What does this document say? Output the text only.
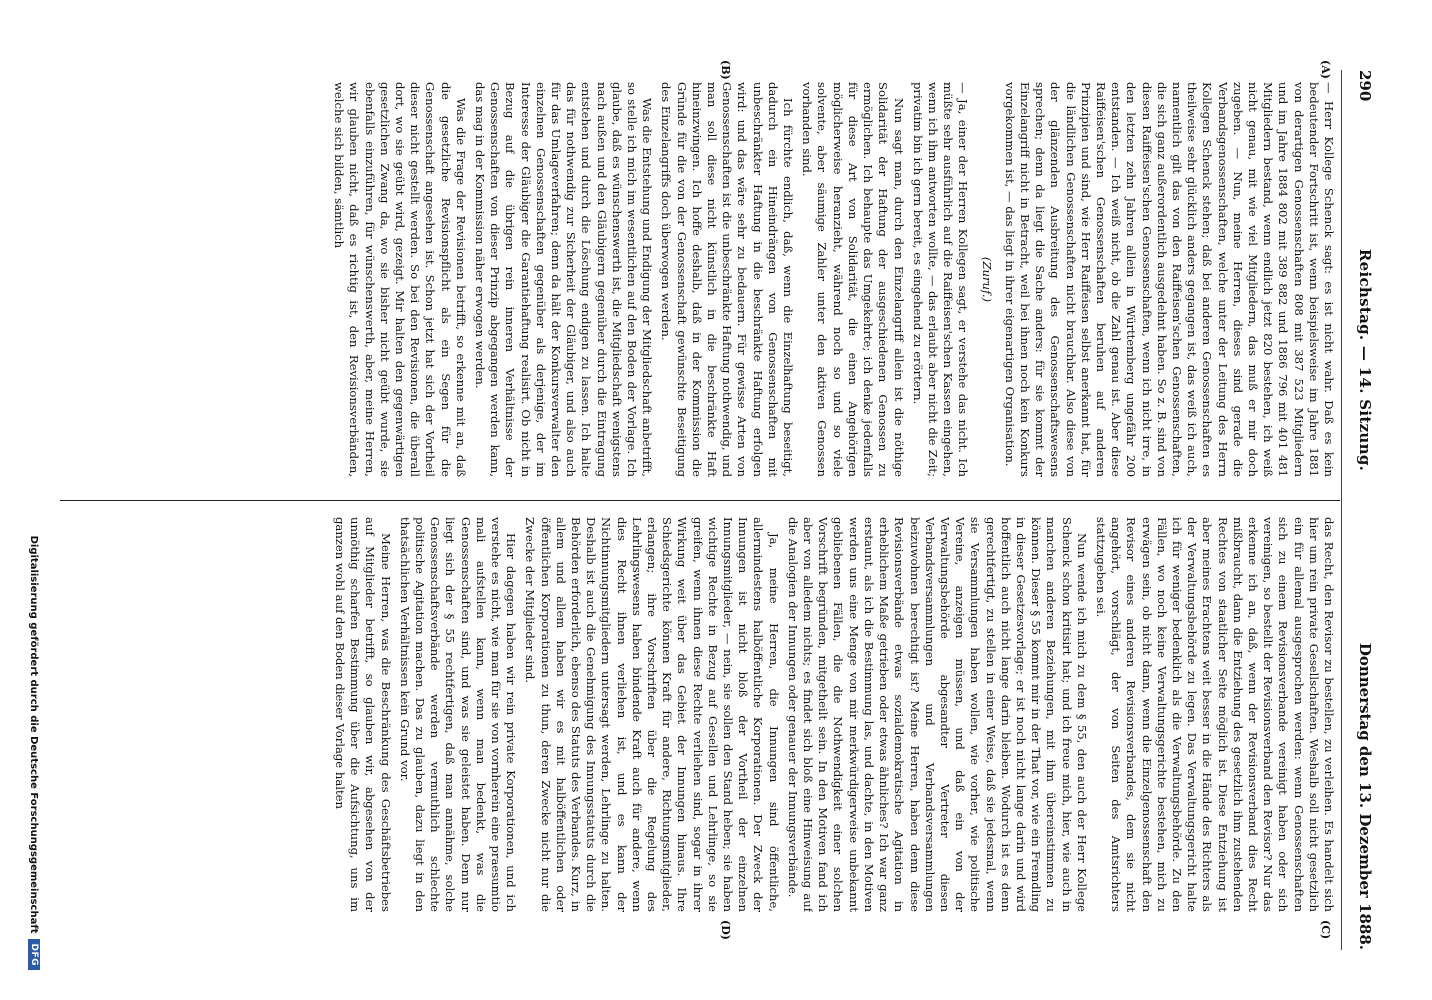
290
Reichstag. — 14. Sitzung.
Donnerstag den 13. Dezember 1888.
(A)
(B)
(C)
(D)

— Herr Kollege Schenck sagt: es ist nicht wahr. Daß es kein bedeutender Fortschritt ist, wenn beispielsweise im Jahre 1881 von derartigen Genossenschaften 808 mit 387 523 Mitgliedern und im Jahre 1884 802 mit 389 882 und 1886 796 mit 401 481 Mitgliedern bestand, wenn endlich jetzt 820 bestehen, ich weiß nicht genau, mit wie viel Mitgliedern, das muß er mir doch zugeben. — Nun, meine Herren, dieses sind gerade die Verbandsgenossenschaften, welche unter der Leitung des Herrn Kollegen Schenck stehen; daß bei anderen Genossenschaften es theilweise sehr glücklich anders gegangen ist, das weiß ich auch, namentlich gilt das von den Raiffeisen'schen Genossenschaften, die sich ganz außerordentlich ausgedehnt haben. So z. B. sind von diesen Raiffeisen'schen Genossenschaften, wenn ich nicht irre, in den letzten zehn Jahren allein in Württemberg ungefähr 200 entstanden. — Ich weiß nicht, ob die Zahl genau ist. Aber diese Raiffeisen'schen Genossenschaften beruhen auf anderen Prinzipien und sind, wie Herr Raiffeisen selbst anerkannt hat, für die ländlichen Genossenschaften nicht brauchbar. Also diese von der glänzenden Ausbreitung des Genossenschaftswesens sprechen; denn da liegt die Sache anders: für sie kommt der Einzelangriff nicht in Betracht, weil bei ihnen noch kein Konkurs vorgekommen ist, — das liegt in ihrer eigenartigen Organisation.

(Zuruf.)

— Ja, einer der Herren Kollegen sagt, er verstehe das nicht. Ich müßte sehr ausführlich auf die Raiffeisen'schen Kassen eingehen, wenn ich ihm antworten wollte, — das erlaubt aber nicht die Zeit; privatim bin ich gern bereit, es eingehend zu erörtern.

Nun sagt man, durch den Einzelangriff allein ist die nöthige Solidarität der Haftung der ausgeschiedenen Genossen zu ermöglichen. Ich behaupte das Umgekehrte; ich denke jedenfalls für diese Art von Solidarität, die einen Angehörigen möglicherweise heranzieht, während noch so und so viele solvente, aber säumige Zahler unter den aktiven Genossen vorhanden sind.

Ich fürchte endlich, daß, wenn die Einzelhaftung beseitigt, dadurch ein Hineindrängen von Genossenschaften mit unbeschränkter Haftung in die beschränkte Haftung erfolgen wird: und das wäre sehr zu bedauern. Für gewisse Arten von Genossenschaften ist die unbeschränkte Haftung nothwendig, und man soll diese nicht künstlich in die beschränkte Haft hineinzwingen. Ich hoffe deshalb, daß in der Kommission die Gründe für die von der Genossenschaft gewünschte Beseitigung des Einzelangriffs doch überwogen werden.

Was die Entstehung und Endigung der Mitgliedschaft anbetrifft, so stelle ich mich im wesentlichen auf den Boden der Vorlage. Ich glaube, daß es wünschenswerth ist, die Mitgliedschaft wenigstens nach außen und den Gläubigern gegenüber durch die Eintragung entstehen und durch die Löschung endigen zu lassen. Ich halte das für nothwendig zur Sicherheit der Gläubiger, und also auch für das Umlageverfahren; denn da hält der Konkursverwalter den einzelnen Genossenschaften gegenüber als derjenige, der im Interesse der Gläubiger die Garantiehaftung realisirt. Ob nicht in Bezug auf die übrigen rein inneren Verhältnisse der Genossenschaften von dieser Prinzip abgegangen werden kann, das mag in der Kommission näher erwogen werden.

Was die Frage der Revisionen betrifft, so erkenne mit an, daß die gesetzliche Revisionspflicht als ein Segen für die Genossenschaft angesehen ist. Schon jetzt hat sich der Vortheil dieser nicht gestellt werden. So bei den Revisionen, die überall dort, wo sie geübt wird, gezeigt. Mir halten den gegenwärtigen gesetzlichen Zwang da, wo sie bisher nicht geübt wurde, sie ebenfalls einzuführen, für wünschenswerth, aber, meine Herren, wir glauben nicht, daß es richtig ist, den Revisionsverbänden, welche sich bilden, sämtlich

das Recht, den Revisor zu bestellen, zu verleihen. Es handelt sich hier um rein private Gesellschaften. Weshalb soll nicht gesetzlich ein für allemal ausgesprochen werden: wenn Genossenschaften sich zu einem Revisionsverbande vereinigt haben oder sich vereinigen, so bestellt der Revisionsverband den Revisor? Nur das erkenne ich an, daß, wenn der Revisionsverband dies Recht mißbraucht, dann die Entziehung des gesetzlich ihm zustehenden Rechtes von staatlicher Seite möglich ist. Diese Entziehung ist aber meines Erachtens weit besser in die Hände des Richters als der Verwaltungsbehörde zu legen. Das Verwaltungsgericht halte ich für weniger bedenklich als die Verwaltungsbehörde. Zu den Fällen, wo noch keine Verwaltungsgerichte bestehen, mich zu erwägen sein, ob nicht dann, wenn die Einzelgenossenschaft den Revisor eines anderen Revisionsverbandes, dem sie nicht angehört, vorschlägt, der von Seiten des Amtsrichters stattzugeben sei.

Nun wende ich mich zu dem § 55, den auch der Herr Kollege Schenck schon kritisirt hat; und ich freue mich, hier, wie auch in manchen anderen Beziehungen, mit ihm übereinstimmen zu können. Dieser § 55 kommt mir in der That vor, wie ein Fremdling in dieser Gesetzesvorlage; er ist noch nicht lange darin und wird hoffentlich auch nicht lange darin bleiben. Wodurch ist es denn gerechtfertigt, zu stellen in einer Weise, daß sie jedesmal, wenn sie Versammlungen haben wollen, wie vorher, wie politische Vereine, anzeigen müssen, und daß ein von der Verwaltungsbehörde abgesandter Vertreter diesen Verbandsversammlungen und Verbandsversammlungen beizuwohnen berechtigt ist? Meine Herren, haben denn diese Revisionsverbände etwas sozialdemokratische Agitation in erheblichem Maße getrieben oder etwas ähnliches? Ich war ganz erstaunt, als ich die Bestimmung las, und dachte, in den Motiven werden uns eine Menge von mir merkwürdigerweise unbekannt gebliebenen Fällen, die die Nothwendigkeit einer solchen Vorschrift begründen, mitgetheilt sein. In den Motiven fand ich aber von alledem nichts; es findet sich bloß eine Hinweisung auf die Analogien der Innungen oder genauer der Innungsverbände.

Ja, meine Herren, die Innungen sind öffentliche, allermindestens halböffentliche Korporationen. Der Zweck der Innungen ist nicht bloß der Vortheil der einzelnen Innungsmitglieder, — nein, sie sollen den Stand heben; sie haben wichtige Rechte in Bezug auf Gesellen und Lehrlinge, so sie greifen, wenn ihnen diese Rechte verliehen sind, sogar in ihrer Wirkung weit über das Gebiet der Innungen hinaus. Ihre Schiedsgerichte können Kraft für andere, Richtungsmitglieder, erlangen; ihre Vorschriften über die Regelung des Lehrlingswesens haben bindende Kraft auch für andere, wenn dies Recht ihnen verliehen ist, und es kann der Nichtinnungsmitgliedern untersagt werden, Lehrlinge zu halten. Deshalb ist auch die Genehmigung des Innungsstatuts durch die Behörden erforderlich, ebenso des Statuts des Verbandes. Kurz, in allem und allem haben wir es mit halböffentlichen oder öffentlichen Korporationen zu thun, deren Zwecke nicht nur die Zwecke der Mitglieder sind.

Hier dagegen haben wir rein private Korporationen, und ich verstehe es nicht, wie man für sie von vornherein eine praesumtio mali aufstellen kann, wenn man bedenkt, was die Genossenschaften sind, und was sie geleistet haben. Denn nur liegt sich der § 55 rechtfertigen, daß man annähme, solche Genossenschaftsverbände werden vermuthlich schlechte politische Agitation machen. Das zu glauben, dazu liegt in den thatsächlichen Verhältnissen kein Grund vor.

Meine Herren, was die Beschränkung des Geschäftsbetriebes auf Mitglieder betrifft, so glauben wir, abgesehen von der unnöthig scharfen Bestimmung über die Aufsichtung, uns im ganzen wohl auf den Boden dieser Vorlage halten

Digitalisierung gefördert durch die Deutsche Forschungsgemeinschaft
DFG
